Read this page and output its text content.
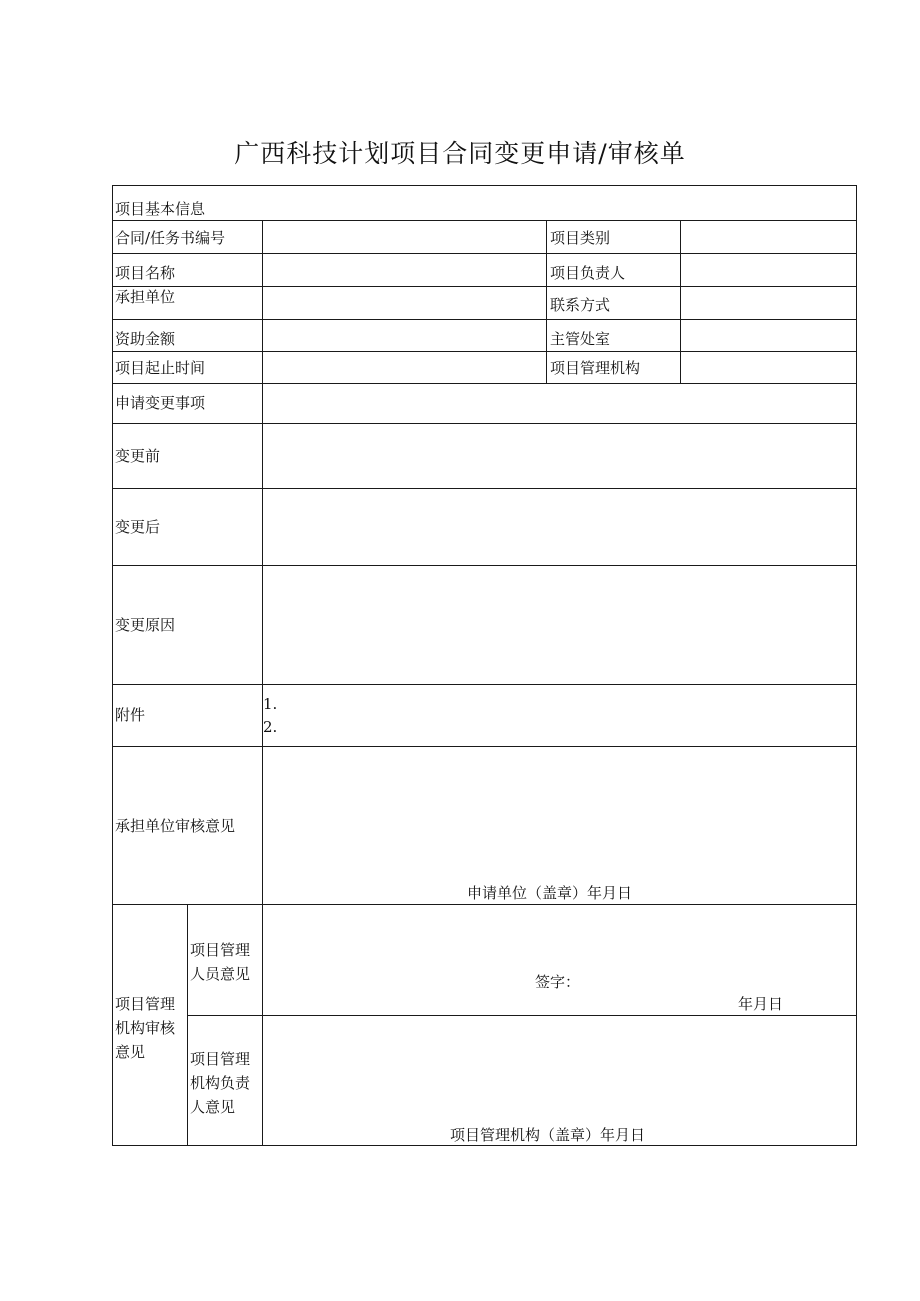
广西科技计划项目合同变更申请/审核单
项目基本信息
合同/任务书编号	项目类别
项目名称	项目负责人
承担单位	联系方式
资助金额	主管处室
项目起止时间	项目管理机构
申请变更事项
变更前
变更后
变更原因
附件
1.
2.
承担单位审核意见
申请单位（盖章）年月日
项目管理机构审核意见
项目管理人员意见	签字：
年月日
项目管理机构负责人意见
项目管理机构（盖章）年月日
